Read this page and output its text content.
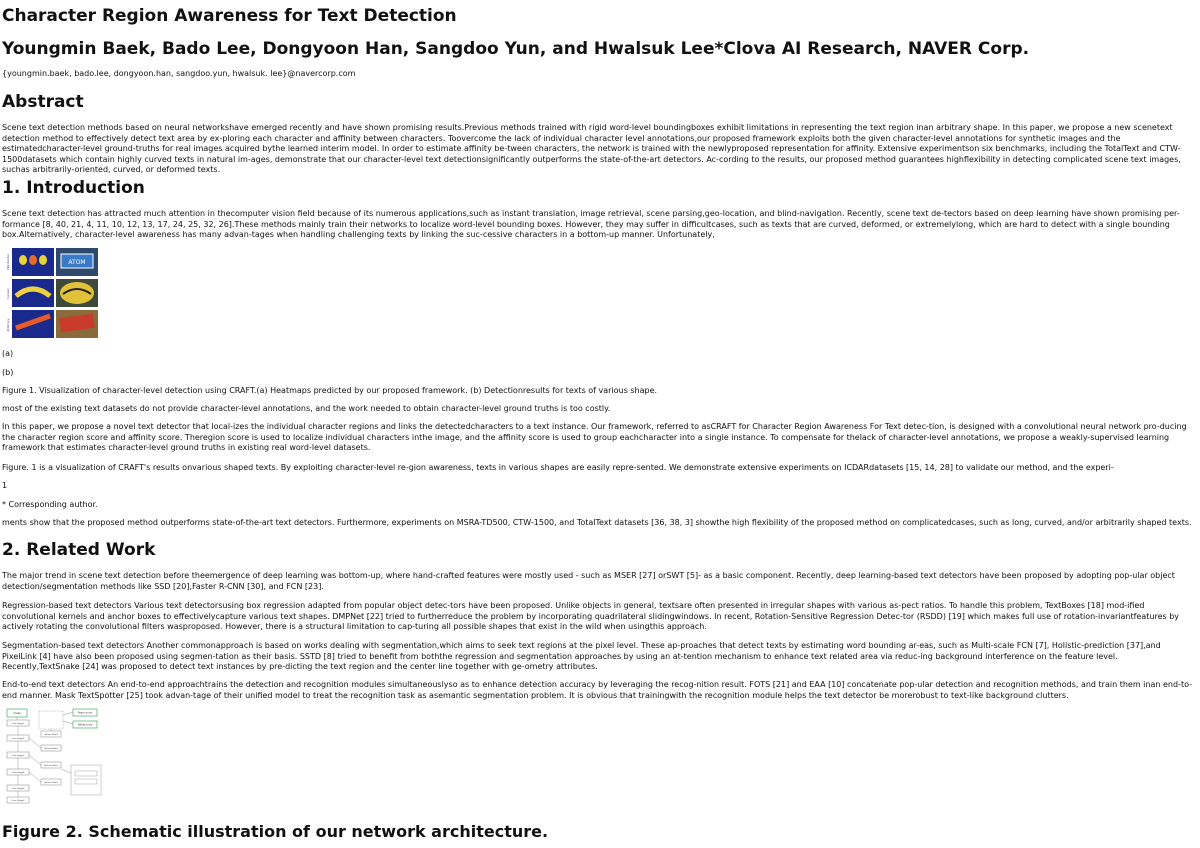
Character Region Awareness for Text Detection
Youngmin Baek, Bado Lee, Dongyoon Han, Sangdoo Yun, and Hwalsuk Lee*Clova AI Research, NAVER Corp.

{youngmin.baek, bado.lee, dongyoon.han, sangdoo.yun, hwalsuk. lee}@navercorp.com

Abstract

Scene text detection methods based on neural networkshave emerged recently and have shown promising results.Previous methods trained with rigid word-level boundingboxes exhibit limitations in representing the text region inan arbitrary shape. In this paper, we propose a new scenetext detection method to effectively detect text area by ex-ploring each character and affinity between characters. Toovercome the lack of individual character level annotations,our proposed framework exploits both the given character-level annotations for synthetic images and the estimatedcharacter-level ground-truths for real images acquired bythe learned interim model. In order to estimate affinity be-tween characters, the network is trained with the newlyproposed representation for affinity. Extensive experimentson six benchmarks, including the TotalText and CTW-1500datasets which contain highly curved texts in natural im-ages, demonstrate that our character-level text detectionsignificantly outperforms the state-of-the-art detectors. Ac-cording to the results, our proposed method guarantees highflexibility in detecting complicated scene text images, suchas arbitrarily-oriented, curved, or deformed texts.

1. Introduction

Scene text detection has attracted much attention in thecomputer vision field because of its numerous applications,such as instant translation, image retrieval, scene parsing,geo-location, and blind-navigation. Recently, scene text de-tectors based on deep learning have shown promising per-formance [8, 40, 21, 4, 11, 10, 12, 13, 17, 24, 25, 32, 26].These methods mainly train their networks to localize word-level bounding boxes. However, they may suffer in difficultcases, such as texts that are curved, deformed, or extremelylong, which are hard to detect with a single bounding box.Alternatively, character-level awareness has many advan-tages when handling challenging texts by linking the suc-cessive characters in a bottom-up manner. Unfortunately,

Horizontal
Curved
Arbitrary
ATOM

(a)

(b)

Figure 1. Visualization of character-level detection using CRAFT.(a) Heatmaps predicted by our proposed framework. (b) Detectionresults for texts of various shape.

most of the existing text datasets do not provide character-level annotations, and the work needed to obtain character-level ground truths is too costly.

In this paper, we propose a novel text detector that local-izes the individual character regions and links the detectedcharacters to a text instance. Our framework, referred to asCRAFT for Character Region Awareness For Text detec-tion, is designed with a convolutional neural network pro-ducing the character region score and affinity score. Theregion score is used to localize individual characters inthe image, and the affinity score is used to group eachcharacter into a single instance. To compensate for thelack of character-level annotations, we propose a weakly-supervised learning framework that estimates character-level ground truths in existing real word-level datasets.

Figure. 1 is a visualization of CRAFT's results onvarious shaped texts. By exploiting character-level re-gion awareness, texts in various shapes are easily repre-sented. We demonstrate extensive experiments on ICDARdatasets [15, 14, 28] to validate our method, and the experi-

1

* Corresponding author.

ments show that the proposed method outperforms state-of-the-art text detectors. Furthermore, experiments on MSRA-TD500, CTW-1500, and TotalText datasets [36, 38, 3] showthe high flexibility of the proposed method on complicatedcases, such as long, curved, and/or arbitrarily shaped texts.

2. Related Work

The major trend in scene text detection before theemergence of deep learning was bottom-up, where hand-crafted features were mostly used - such as MSER [27] orSWT [5]- as a basic component. Recently, deep learning-based text detectors have been proposed by adopting pop-ular object detection/segmentation methods like SSD [20],Faster R-CNN [30], and FCN [23].

Regression-based text detectors Various text detectorsusing box regression adapted from popular object detec-tors have been proposed. Unlike objects in general, textsare often presented in irregular shapes with various as-pect ratios. To handle this problem, TextBoxes [18] mod-ified convolutional kernels and anchor boxes to effectivelycapture various text shapes. DMPNet [22] tried to furtherreduce the problem by incorporating quadrilateral slidingwindows. In recent, Rotation-Sensitive Regression Detec-tor (RSDD) [19] which makes full use of rotation-invariantfeatures by actively rotating the convolutional filters wasproposed. However, there is a structural limitation to cap-turing all possible shapes that exist in the wild when usingthis approach.

Segmentation-based text detectors Another commonapproach is based on works dealing with segmentation,which aims to seek text regions at the pixel level. These ap-proaches that detect texts by estimating word bounding ar-eas, such as Multi-scale FCN [7], Holistic-prediction [37],and PixelLink [4] have also been proposed using segmen-tation as their basis. SSTD [8] tried to benefit from boththe regression and segmentation approaches by using an at-tention mechanism to enhance text related area via reduc-ing background interference on the feature level. Recently,TextSnake [24] was proposed to detect text instances by pre-dicting the text region and the center line together with ge-ometry attributes.

End-to-end text detectors An end-to-end approachtrains the detection and recognition modules simultaneouslyso as to enhance detection accuracy by leveraging the recog-nition result. FOTS [21] and EAA [10] concatenate pop-ular detection and recognition methods, and train them inan end-to-end manner. Mask TextSpotter [25] took advan-tage of their unified model to treat the recognition task as asemantic segmentation problem. It is obvious that trainingwith the recognition module helps the text detector be morerobust to text-like background clutters.

Image
Conv Stage1
Conv Stage2
Conv Stage3
Conv Stage4
Conv Stage5
Conv Stage6
UpConv Block
UpConv Block
UpConv Block
UpConv Block
Region score
Affinity score
Figure 2. Schematic illustration of our network architecture.
